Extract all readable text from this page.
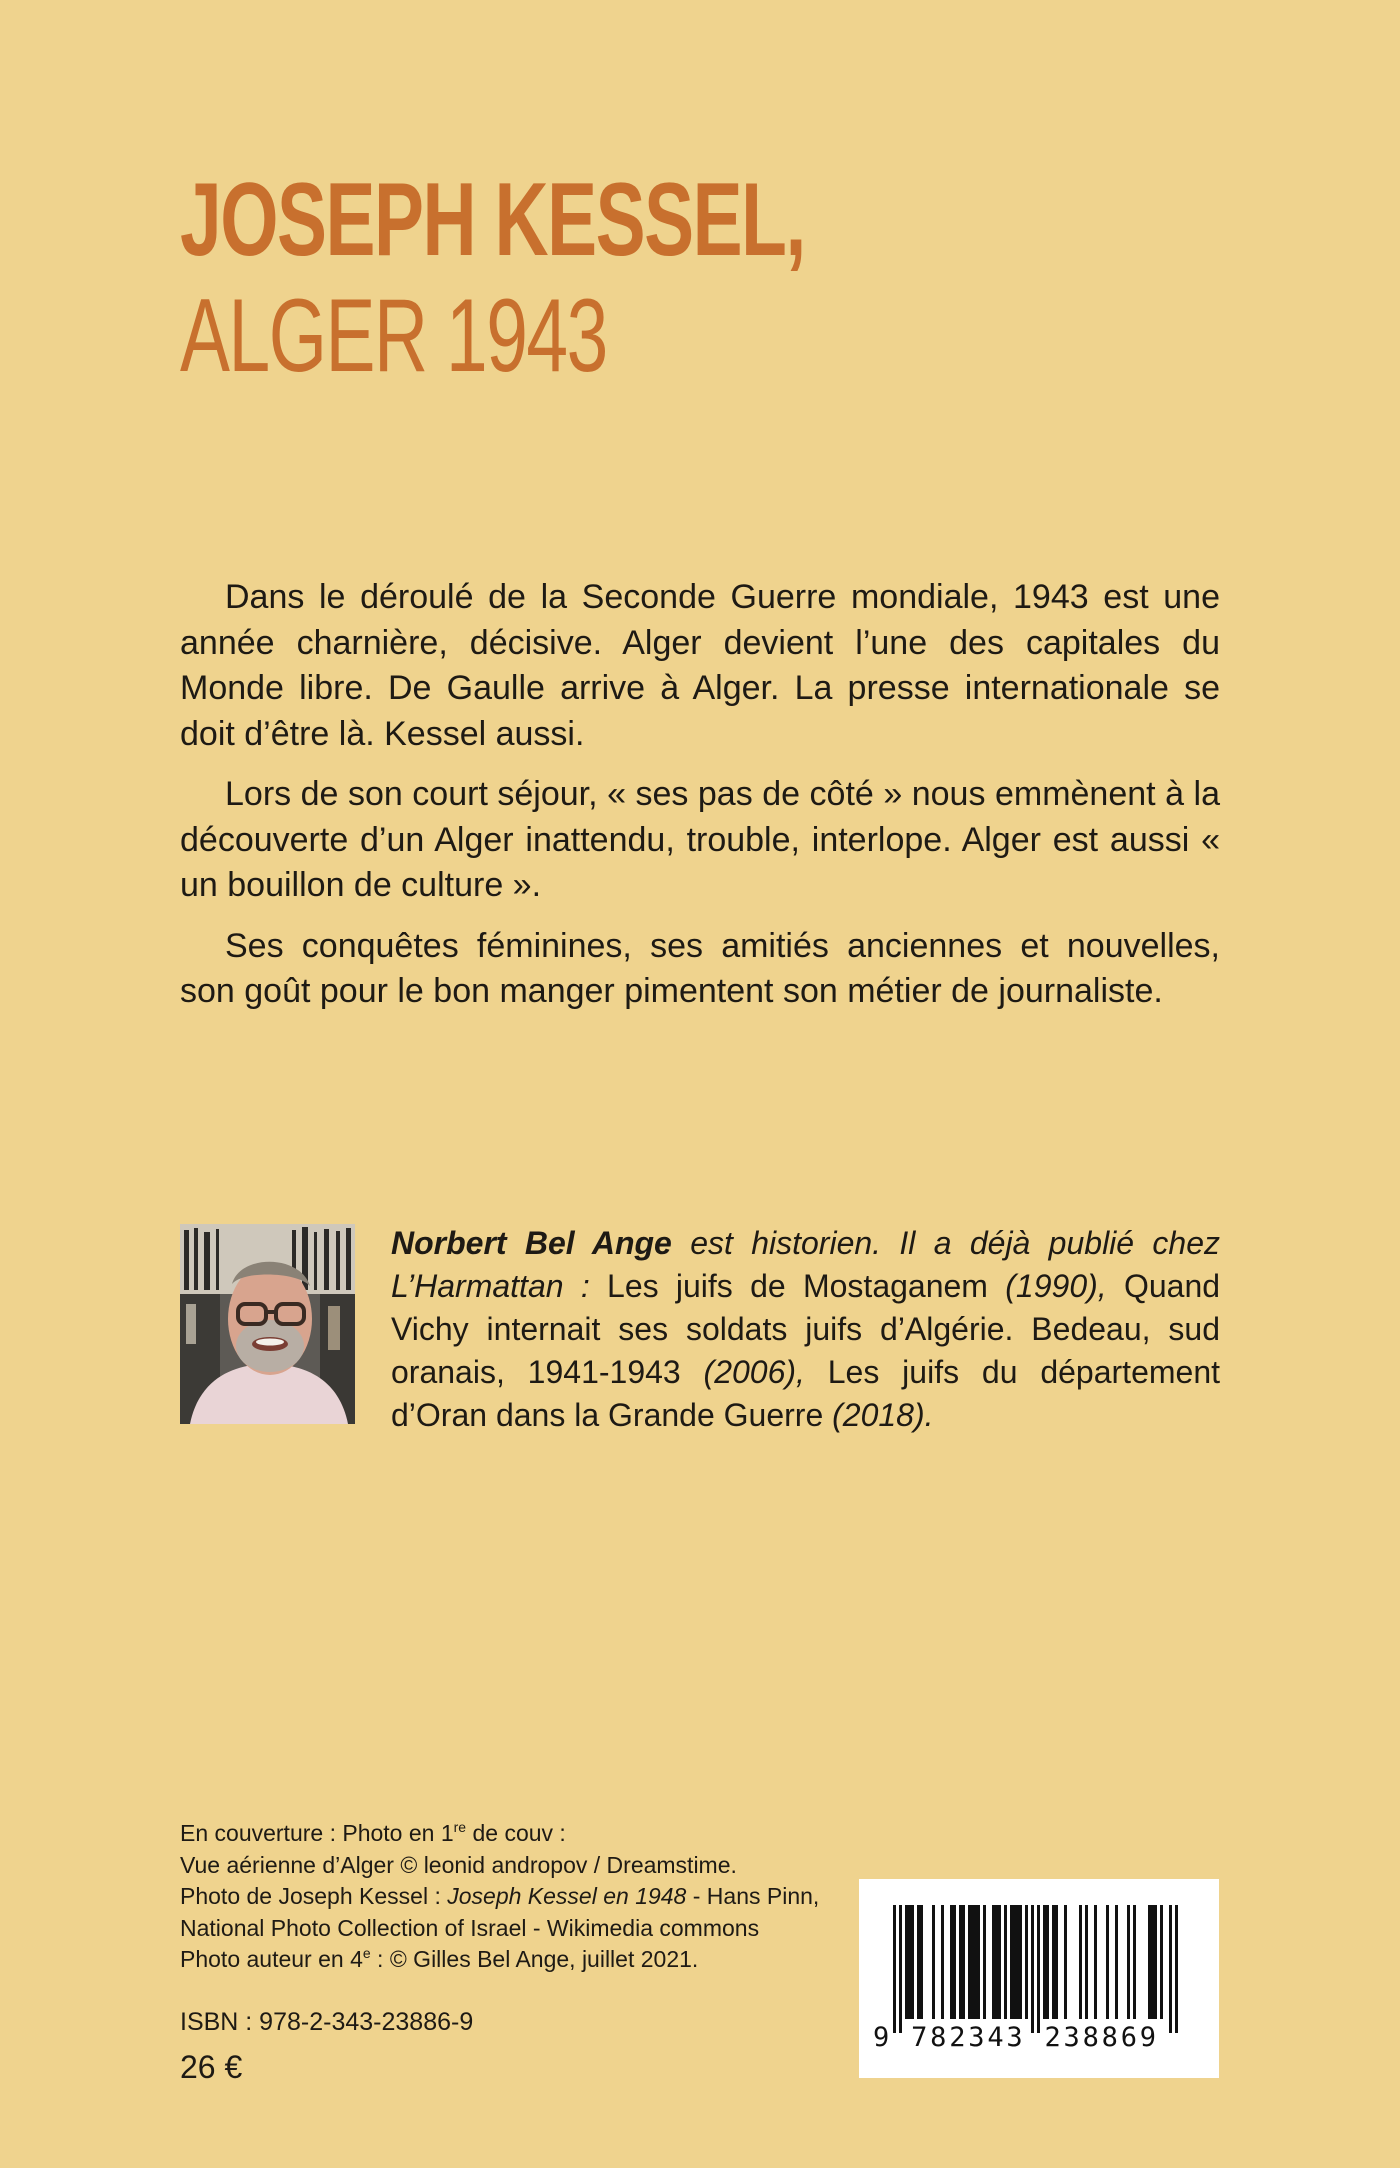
JOSEPH KESSEL,
ALGER 1943

Dans le déroulé de la Seconde Guerre mondiale, 1943 est une année charnière, décisive. Alger devient l’une des capitales du Monde libre. De Gaulle arrive à Alger. La presse internationale se doit d’être là. Kessel aussi.

Lors de son court séjour, « ses pas de côté » nous emmènent à la découverte d’un Alger inattendu, trouble, interlope. Alger est aussi « un bouillon de culture ».

Ses conquêtes féminines, ses amitiés anciennes et nouvelles, son goût pour le bon manger pimentent son métier de journaliste.

Norbert Bel Ange est historien. Il a déjà publié chez L’Harmattan : Les juifs de Mostaganem (1990), Quand Vichy internait ses soldats juifs d’Algérie. Bedeau, sud oranais, 1941-1943 (2006), Les juifs du département d’Oran dans la Grande Guerre (2018).
En couverture : Photo en 1re de couv :
Vue aérienne d’Alger © leonid andropov / Dreamstime.
Photo de Joseph Kessel : Joseph Kessel en 1948 - Hans Pinn,
National Photo Collection of Israel - Wikimedia commons
Photo auteur en 4e : © Gilles Bel Ange, juillet 2021.
ISBN : 978-2-343-23886-9
26 €
9 782343 238869
